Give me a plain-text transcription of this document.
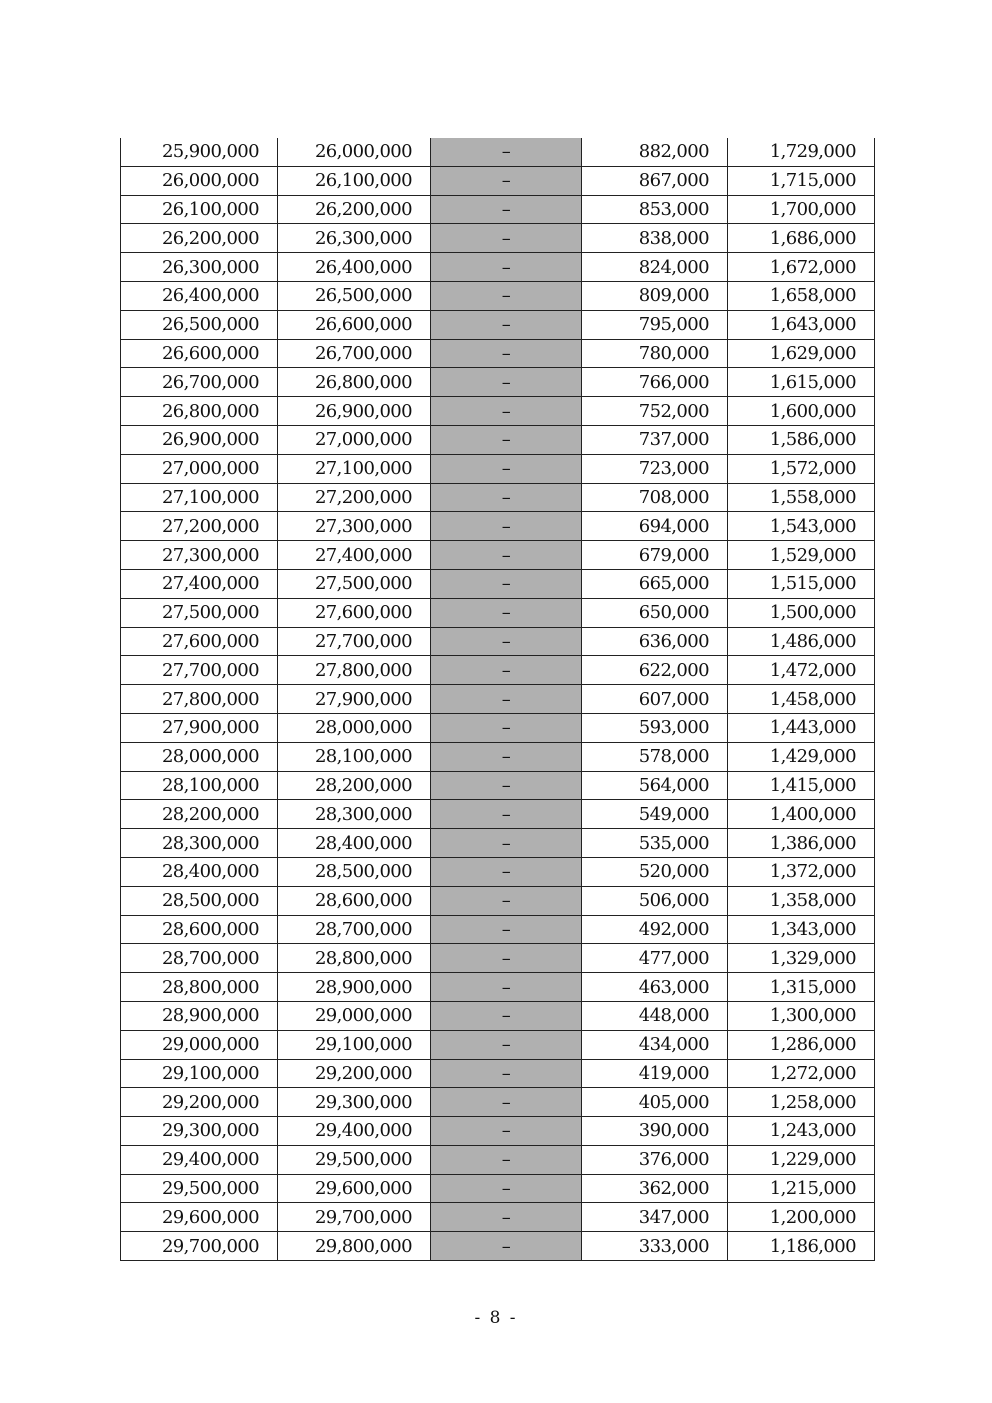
25,900,000	26,000,000	–	882,000	1,729,000
26,000,000	26,100,000	–	867,000	1,715,000
26,100,000	26,200,000	–	853,000	1,700,000
26,200,000	26,300,000	–	838,000	1,686,000
26,300,000	26,400,000	–	824,000	1,672,000
26,400,000	26,500,000	–	809,000	1,658,000
26,500,000	26,600,000	–	795,000	1,643,000
26,600,000	26,700,000	–	780,000	1,629,000
26,700,000	26,800,000	–	766,000	1,615,000
26,800,000	26,900,000	–	752,000	1,600,000
26,900,000	27,000,000	–	737,000	1,586,000
27,000,000	27,100,000	–	723,000	1,572,000
27,100,000	27,200,000	–	708,000	1,558,000
27,200,000	27,300,000	–	694,000	1,543,000
27,300,000	27,400,000	–	679,000	1,529,000
27,400,000	27,500,000	–	665,000	1,515,000
27,500,000	27,600,000	–	650,000	1,500,000
27,600,000	27,700,000	–	636,000	1,486,000
27,700,000	27,800,000	–	622,000	1,472,000
27,800,000	27,900,000	–	607,000	1,458,000
27,900,000	28,000,000	–	593,000	1,443,000
28,000,000	28,100,000	–	578,000	1,429,000
28,100,000	28,200,000	–	564,000	1,415,000
28,200,000	28,300,000	–	549,000	1,400,000
28,300,000	28,400,000	–	535,000	1,386,000
28,400,000	28,500,000	–	520,000	1,372,000
28,500,000	28,600,000	–	506,000	1,358,000
28,600,000	28,700,000	–	492,000	1,343,000
28,700,000	28,800,000	–	477,000	1,329,000
28,800,000	28,900,000	–	463,000	1,315,000
28,900,000	29,000,000	–	448,000	1,300,000
29,000,000	29,100,000	–	434,000	1,286,000
29,100,000	29,200,000	–	419,000	1,272,000
29,200,000	29,300,000	–	405,000	1,258,000
29,300,000	29,400,000	–	390,000	1,243,000
29,400,000	29,500,000	–	376,000	1,229,000
29,500,000	29,600,000	–	362,000	1,215,000
29,600,000	29,700,000	–	347,000	1,200,000
29,700,000	29,800,000	–	333,000	1,186,000
- 8 -
